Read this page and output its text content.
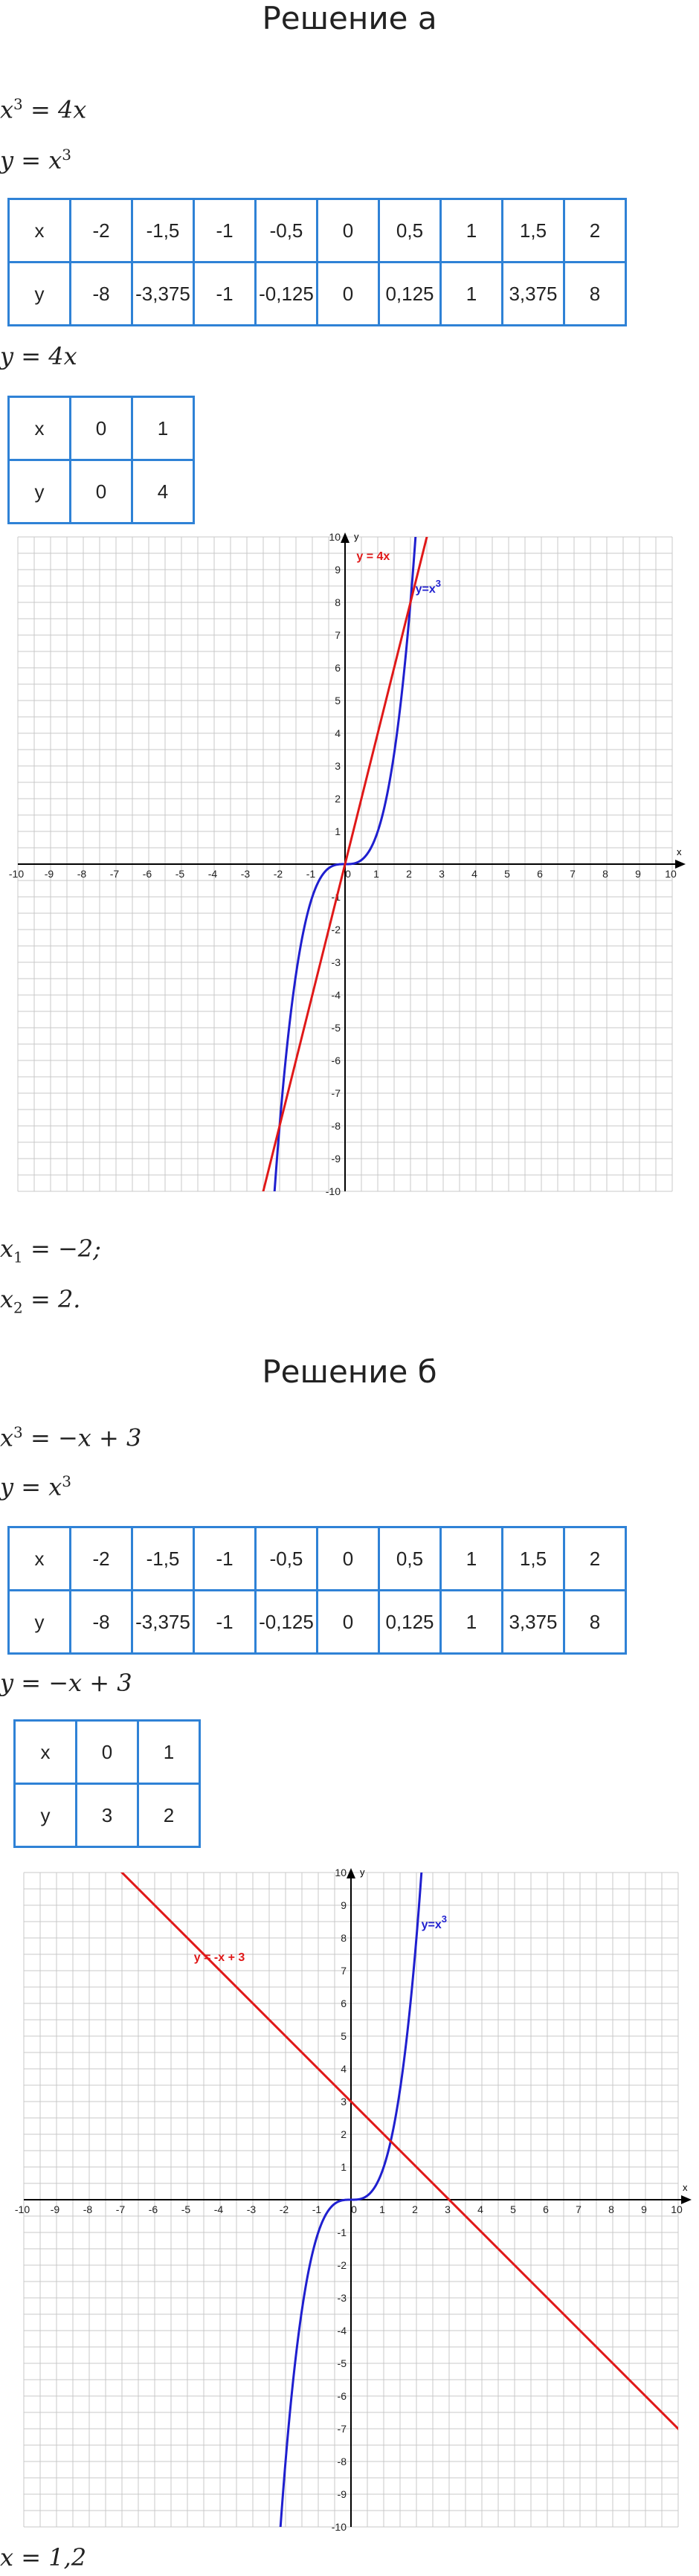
Решение а
$x^3 = 4x$
$y = x^3$
x	-2	-1,5	-1	-0,5	0	0,5	1	1,5	2
y	-8	-3,375	-1	-0,125	0	0,125	1	3,375	8
y = 4x
x	0	1
y	0	4
x
y
-10 -9 -8 -7 -6 -5 -4 -3 -2 -1	0 1	2	3	4	5	6	7	8	9 10
10
9
8
7
6
5
4
3
2
1
-1
-2
-3
-4
-5
-6
-7
-8
-9
-10
$y=x^3$
y = 4x
$x_1 = -2$;
$x_2 = 2$.
Решение б
$x^3 = -x + 3$
$y = x^3$
x	-2	-1,5	-1	-0,5	0	0,5	1	1,5	2
y	-8	-3,375	-1	-0,125	0	0,125	1	3,375	8
y = −x + 3
x	0	1
y	3	2
x
y
-10 -9 -8 -7 -6 -5 -4 -3 -2 -1	0 1	2	3	4	5	6	7	8	9 10
10
9
8
7
6
5
4
3
2
1
-1
-2
-3
-4
-5
-6
-7
-8
-9
-10
$y=x^3$
y = -x + 3
x = 1,2
